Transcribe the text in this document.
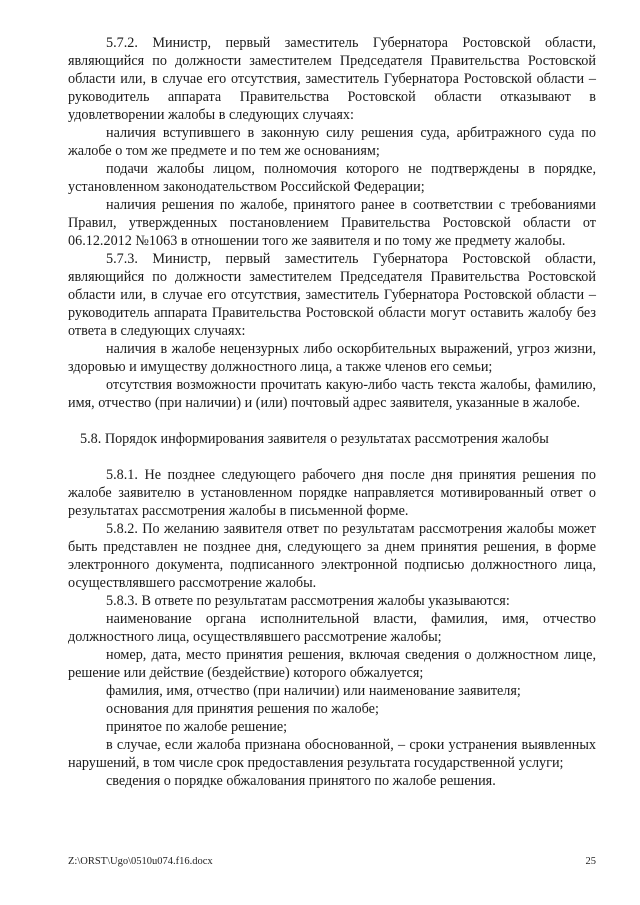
5.7.2. Министр, первый заместитель Губернатора Ростовской области, являющийся по должности заместителем Председателя Правительства Ростовской области или, в случае его отсутствия, заместитель Губернатора Ростовской области – руководитель аппарата Правительства Ростовской области отказывают в удовлетворении жалобы в следующих случаях:

наличия вступившего в законную силу решения суда, арбитражного суда по жалобе о том же предмете и по тем же основаниям;

подачи жалобы лицом, полномочия которого не подтверждены в порядке, установленном законодательством Российской Федерации;

наличия решения по жалобе, принятого ранее в соответствии с требованиями Правил, утвержденных постановлением Правительства Ростовской области от 06.12.2012 №1063 в отношении того же заявителя и по тому же предмету жалобы.

5.7.3. Министр, первый заместитель Губернатора Ростовской области, являющийся по должности заместителем Председателя Правительства Ростовской области или, в случае его отсутствия, заместитель Губернатора Ростовской области – руководитель аппарата Правительства Ростовской области могут оставить жалобу без ответа в следующих случаях:

наличия в жалобе нецензурных либо оскорбительных выражений, угроз жизни, здоровью и имуществу должностного лица, а также членов его семьи;

отсутствия возможности прочитать какую-либо часть текста жалобы, фамилию, имя, отчество (при наличии) и (или) почтовый адрес заявителя, указанные в жалобе.

5.8. Порядок информирования заявителя о результатах рассмотрения жалобы

5.8.1. Не позднее следующего рабочего дня после дня принятия решения по жалобе заявителю в установленном порядке направляется мотивированный ответ о результатах рассмотрения жалобы в письменной форме.

5.8.2. По желанию заявителя ответ по результатам рассмотрения жалобы может быть представлен не позднее дня, следующего за днем принятия решения, в форме электронного документа, подписанного электронной подписью должностного лица, осуществлявшего рассмотрение жалобы.

5.8.3. В ответе по результатам рассмотрения жалобы указываются:

наименование органа исполнительной власти, фамилия, имя, отчество должностного лица, осуществлявшего рассмотрение жалобы;

номер, дата, место принятия решения, включая сведения о должностном лице, решение или действие (бездействие) которого обжалуется;

фамилия, имя, отчество (при наличии) или наименование заявителя;

основания для принятия решения по жалобе;

принятое по жалобе решение;

в случае, если жалоба признана обоснованной, – сроки устранения выявленных нарушений, в том числе срок предоставления результата государственной услуги;

сведения о порядке обжалования принятого по жалобе решения.

Z:\ORST\Ugo\0510u074.f16.docx	25
